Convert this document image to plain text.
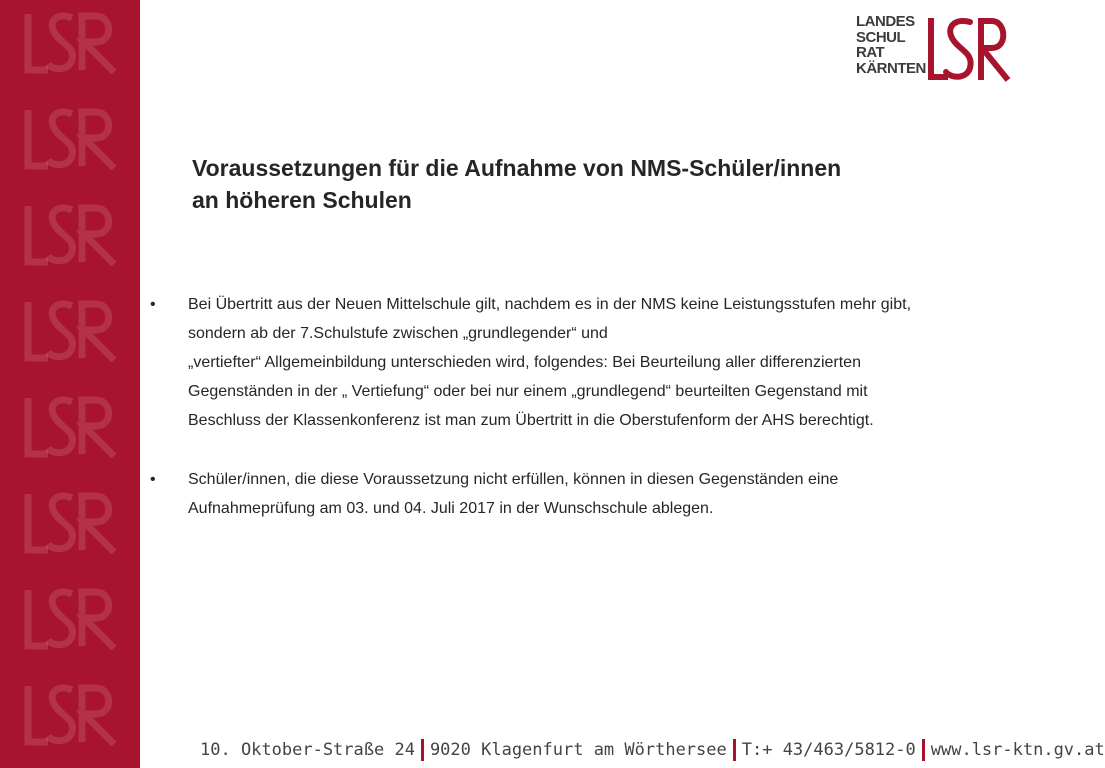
LANDES
SCHUL
RAT
KÄRNTEN
Voraussetzungen für die Aufnahme von NMS-Schüler/innen
an höheren Schulen
• Bei Übertritt aus der Neuen Mittelschule gilt, nachdem es in der NMS keine Leistungsstufen mehr gibt,
sondern ab der 7.Schulstufe zwischen „grundlegender“ und
„vertiefter“ Allgemeinbildung unterschieden wird, folgendes: Bei Beurteilung aller differenzierten
Gegenständen in der „ Vertiefung“ oder bei nur einem „grundlegend“ beurteilten Gegenstand mit
Beschluss der Klassenkonferenz ist man zum Übertritt in die Oberstufenform der AHS berechtigt.
• Schüler/innen, die diese Voraussetzung nicht erfüllen, können in diesen Gegenständen eine
Aufnahmeprüfung am 03. und 04. Juli 2017 in der Wunschschule ablegen.
10. Oktober-Straße 24 9020 Klagenfurt am Wörthersee T:+ 43/463/5812-0 www.lsr-ktn.gv.at
